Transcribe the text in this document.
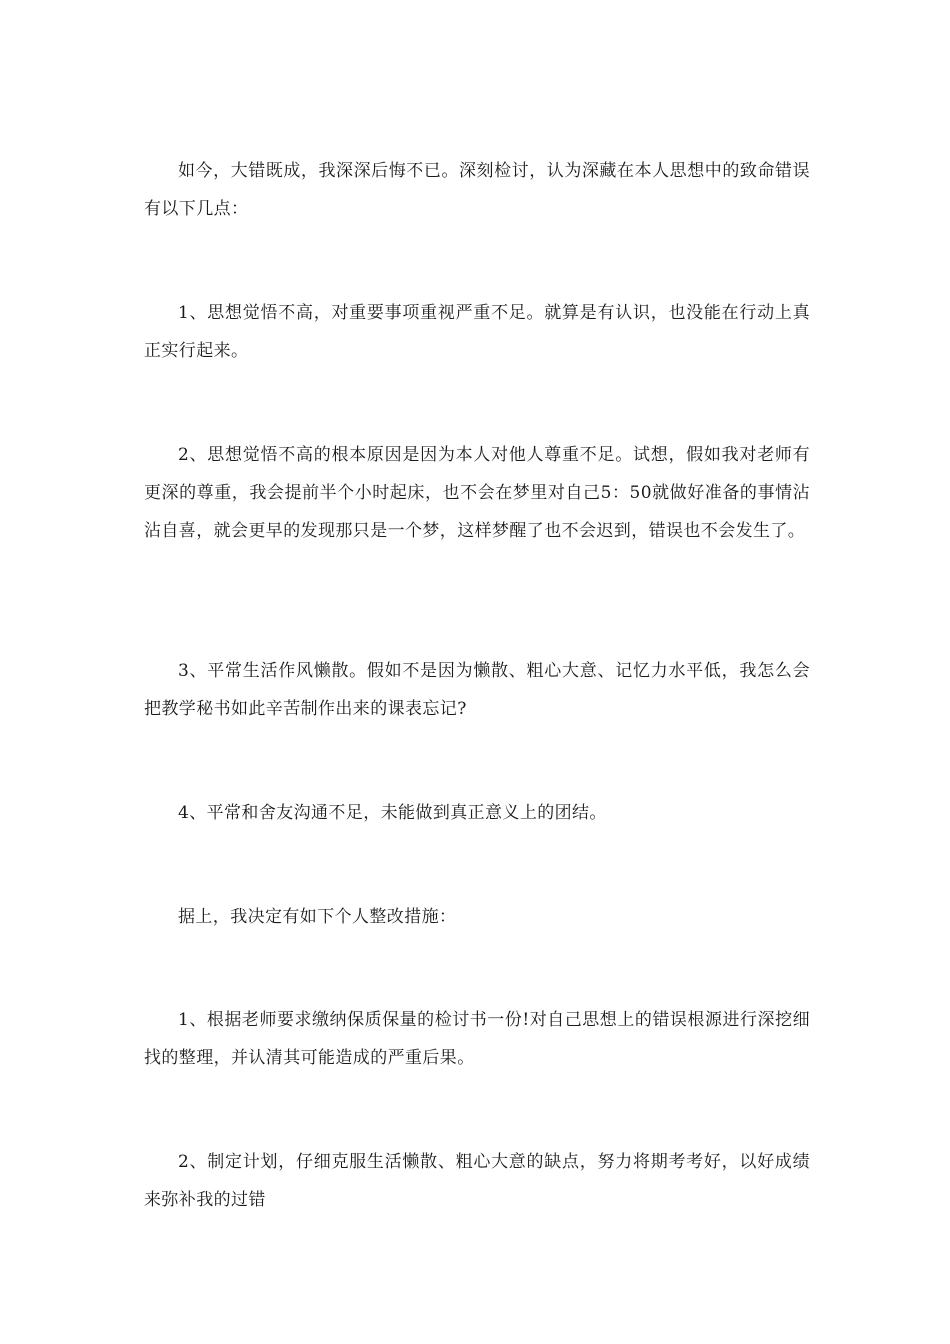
如今，大错既成，我深深后悔不已。深刻检讨，认为深藏在本人思想中的致命错误有以下几点：

1、思想觉悟不高，对重要事项重视严重不足。就算是有认识，也没能在行动上真正实行起来。

2、思想觉悟不高的根本原因是因为本人对他人尊重不足。试想，假如我对老师有更深的尊重，我会提前半个小时起床，也不会在梦里对自己5：50就做好准备的事情沾沾自喜，就会更早的发现那只是一个梦，这样梦醒了也不会迟到，错误也不会发生了。

3、平常生活作风懒散。假如不是因为懒散、粗心大意、记忆力水平低，我怎么会把教学秘书如此辛苦制作出来的课表忘记?

4、平常和舍友沟通不足，未能做到真正意义上的团结。

据上，我决定有如下个人整改措施：

1、根据老师要求缴纳保质保量的检讨书一份!对自己思想上的错误根源进行深挖细找的整理，并认清其可能造成的严重后果。

2、制定计划，仔细克服生活懒散、粗心大意的缺点，努力将期考考好，以好成绩来弥补我的过错
